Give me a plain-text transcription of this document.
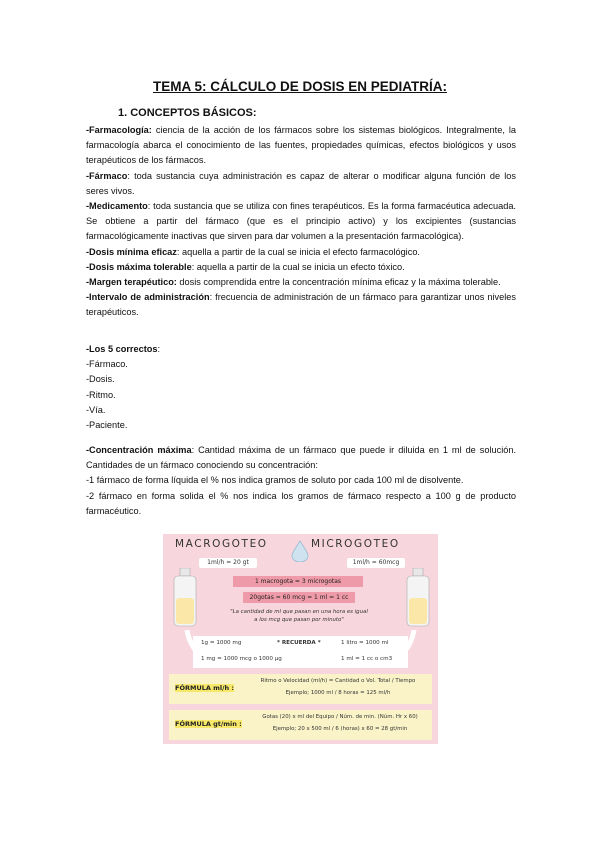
TEMA 5: CÁLCULO DE DOSIS EN PEDIATRÍA:
1. CONCEPTOS BÁSICOS:

-Farmacología: ciencia de la acción de los fármacos sobre los sistemas biológicos. Integralmente, la farmacología abarca el conocimiento de las fuentes, propiedades químicas, efectos biológicos y usos terapéuticos de los fármacos.

-Fármaco: toda sustancia cuya administración es capaz de alterar o modificar alguna función de los seres vivos.

-Medicamento: toda sustancia que se utiliza con fines terapéuticos. Es la forma farmacéutica adecuada. Se obtiene a partir del fármaco (que es el principio activo) y los excipientes (sustancias farmacológicamente inactivas que sirven para dar volumen a la presentación farmacológica).

-Dosis mínima eficaz: aquella a partir de la cual se inicia el efecto farmacológico.

-Dosis máxima tolerable: aquella a partir de la cual se inicia un efecto tóxico.

-Margen terapéutico: dosis comprendida entre la concentración mínima eficaz y la máxima tolerable.

-Intervalo de administración: frecuencia de administración de un fármaco para garantizar unos niveles terapéuticos.

-Los 5 correctos:

-Fármaco.

-Dosis.

-Ritmo.

-Vía.

-Paciente.

-Concentración máxima: Cantidad máxima de un fármaco que puede ir diluida en 1 ml de solución. Cantidades de un fármaco conociendo su concentración:

-1 fármaco de forma líquida el % nos indica gramos de soluto por cada 100 ml de disolvente.

-2 fármaco en forma solida el % nos indica los gramos de fármaco respecto a 100 g de producto farmacéutico.

MACROGOTEO	MICROGOTEO
1ml/h = 20 gt	1ml/h = 60mcg
1 macrogota = 3 microgotas
20gotas = 60 mcg = 1 ml = 1 cc
"La cantidad de ml que pasan en una hora es igual a los mcg que pasan por minuto"
1g = 1000 mg	* RECUERDA *	1 litro = 1000 ml
1 mg = 1000 mcg o 1000 µg	1 ml = 1 cc o cm3
FÓRMULA ml/h :
Ritmo o Velocidad (ml/h) = Cantidad o Vol. Total / Tiempo
Ejemplo; 1000 ml / 8 horas = 125 ml/h
FÓRMULA gt/min :
Gotas (20) x ml del Equipo / Núm. de min. (Núm. Hr x 60)
Ejemplo; 20 x 500 ml / 6 (horas) x 60 = 28 gt/min
